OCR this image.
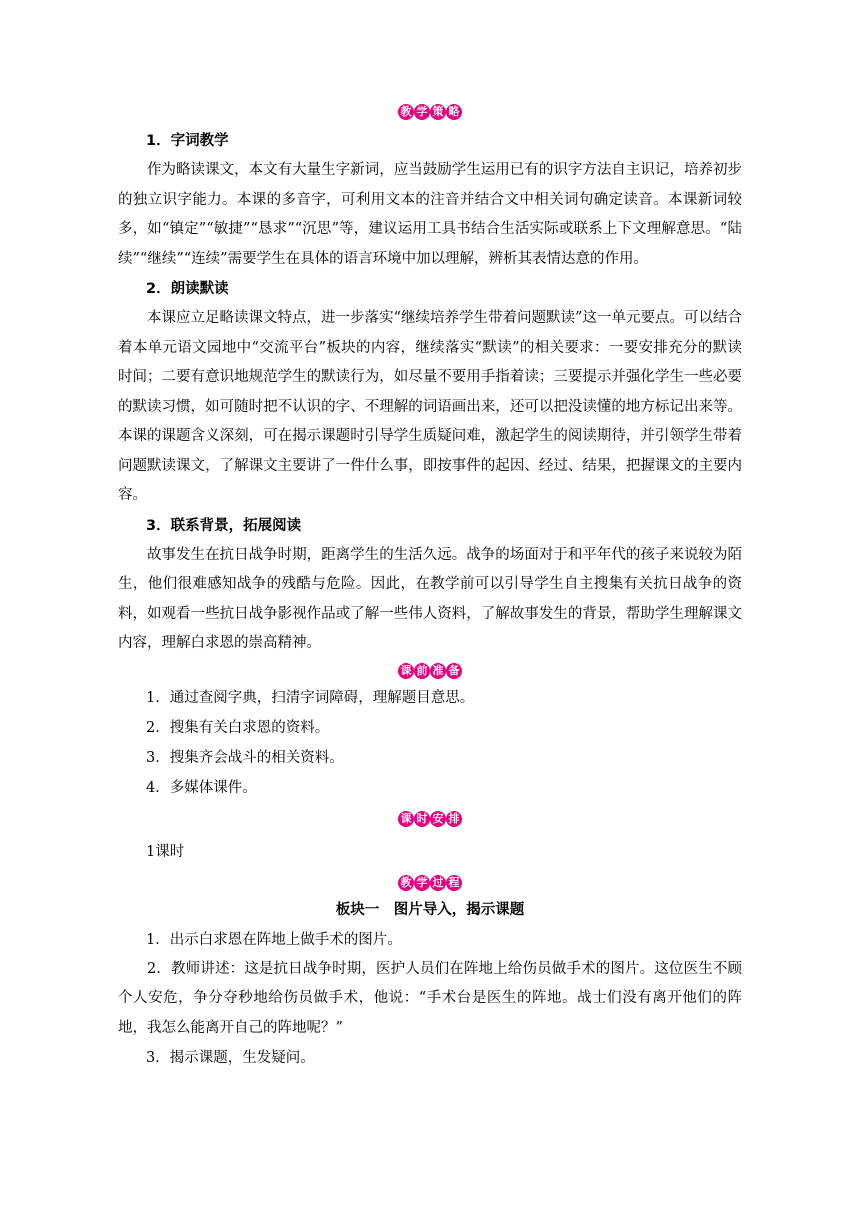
教 学 策 略

1．字词教学

作为略读课文，本文有大量生字新词，应当鼓励学生运用已有的识字方法自主识记，培养初步的独立识字能力。本课的多音字，可利用文本的注音并结合文中相关词句确定读音。本课新词较多，如“镇定”“敏捷”“恳求”“沉思”等，建议运用工具书结合生活实际或联系上下文理解意思。“陆续”“继续”“连续”需要学生在具体的语言环境中加以理解，辨析其表情达意的作用。

2．朗读默读

本课应立足略读课文特点，进一步落实“继续培养学生带着问题默读”这一单元要点。可以结合着本单元语文园地中“交流平台”板块的内容，继续落实“默读”的相关要求：一要安排充分的默读时间；二要有意识地规范学生的默读行为，如尽量不要用手指着读；三要提示并强化学生一些必要的默读习惯，如可随时把不认识的字、不理解的词语画出来，还可以把没读懂的地方标记出来等。本课的课题含义深刻，可在揭示课题时引导学生质疑问难，激起学生的阅读期待，并引领学生带着问题默读课文，了解课文主要讲了一件什么事，即按事件的起因、经过、结果，把握课文的主要内容。

3．联系背景，拓展阅读

故事发生在抗日战争时期，距离学生的生活久远。战争的场面对于和平年代的孩子来说较为陌生，他们很难感知战争的残酷与危险。因此，在教学前可以引导学生自主搜集有关抗日战争的资料，如观看一些抗日战争影视作品或了解一些伟人资料，了解故事发生的背景，帮助学生理解课文内容，理解白求恩的崇高精神。

课 前 准 备

1．通过查阅字典，扫清字词障碍，理解题目意思。

2．搜集有关白求恩的资料。

3．搜集齐会战斗的相关资料。

4．多媒体课件。

课 时 安 排

1课时

教 学 过 程

板块一　图片导入，揭示课题

1．出示白求恩在阵地上做手术的图片。

2．教师讲述：这是抗日战争时期，医护人员们在阵地上给伤员做手术的图片。这位医生不顾个人安危，争分夺秒地给伤员做手术，他说：“手术台是医生的阵地。战士们没有离开他们的阵地，我怎么能离开自己的阵地呢？”

3．揭示课题，生发疑问。
